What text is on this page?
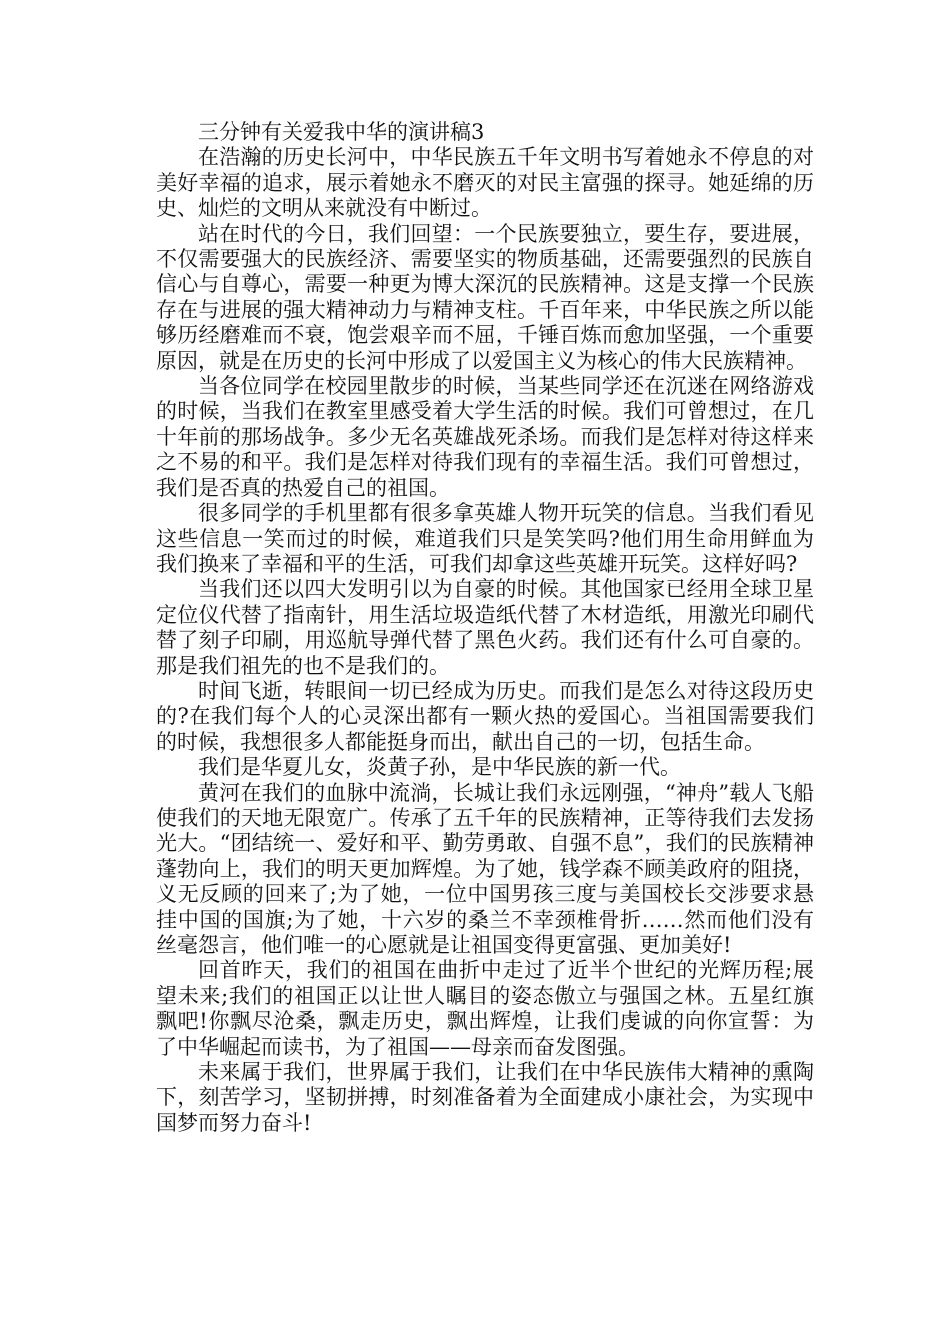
三分钟有关爱我中华的演讲稿3

在浩瀚的历史长河中，中华民族五千年文明书写着她永不停息的对美好幸福的追求，展示着她永不磨灭的对民主富强的探寻。她延绵的历史、灿烂的文明从来就没有中断过。

站在时代的今日，我们回望：一个民族要独立，要生存，要进展，不仅需要强大的民族经济、需要坚实的物质基础，还需要强烈的民族自信心与自尊心，需要一种更为博大深沉的民族精神。这是支撑一个民族存在与进展的强大精神动力与精神支柱。千百年来，中华民族之所以能够历经磨难而不衰，饱尝艰辛而不屈，千锤百炼而愈加坚强，一个重要原因，就是在历史的长河中形成了以爱国主义为核心的伟大民族精神。

当各位同学在校园里散步的时候，当某些同学还在沉迷在网络游戏的时候，当我们在教室里感受着大学生活的时候。我们可曾想过，在几十年前的那场战争。多少无名英雄战死杀场。而我们是怎样对待这样来之不易的和平。我们是怎样对待我们现有的幸福生活。我们可曾想过，我们是否真的热爱自己的祖国。

很多同学的手机里都有很多拿英雄人物开玩笑的信息。当我们看见这些信息一笑而过的时候，难道我们只是笑笑吗?他们用生命用鲜血为我们换来了幸福和平的生活，可我们却拿这些英雄开玩笑。这样好吗?

当我们还以四大发明引以为自豪的时候。其他国家已经用全球卫星定位仪代替了指南针，用生活垃圾造纸代替了木材造纸，用激光印刷代替了刻子印刷，用巡航导弹代替了黑色火药。我们还有什么可自豪的。那是我们祖先的也不是我们的。

时间飞逝，转眼间一切已经成为历史。而我们是怎么对待这段历史的?在我们每个人的心灵深出都有一颗火热的爱国心。当祖国需要我们的时候，我想很多人都能挺身而出，献出自己的一切，包括生命。

我们是华夏儿女，炎黄子孙，是中华民族的新一代。

黄河在我们的血脉中流淌，长城让我们永远刚强，“神舟”载人飞船使我们的天地无限宽广。传承了五千年的民族精神，正等待我们去发扬光大。“团结统一、爱好和平、勤劳勇敢、自强不息”，我们的民族精神蓬勃向上，我们的明天更加辉煌。为了她，钱学森不顾美政府的阻挠，义无反顾的回来了;为了她，一位中国男孩三度与美国校长交涉要求悬挂中国的国旗;为了她，十六岁的桑兰不幸颈椎骨折……然而他们没有丝毫怨言，他们唯一的心愿就是让祖国变得更富强、更加美好!

回首昨天，我们的祖国在曲折中走过了近半个世纪的光辉历程;展望未来;我们的祖国正以让世人瞩目的姿态傲立与强国之林。五星红旗飘吧!你飘尽沧桑，飘走历史，飘出辉煌，让我们虔诚的向你宣誓：为了中华崛起而读书，为了祖国——母亲而奋发图强。

未来属于我们，世界属于我们，让我们在中华民族伟大精神的熏陶下，刻苦学习，坚韧拼搏，时刻准备着为全面建成小康社会，为实现中国梦而努力奋斗!
